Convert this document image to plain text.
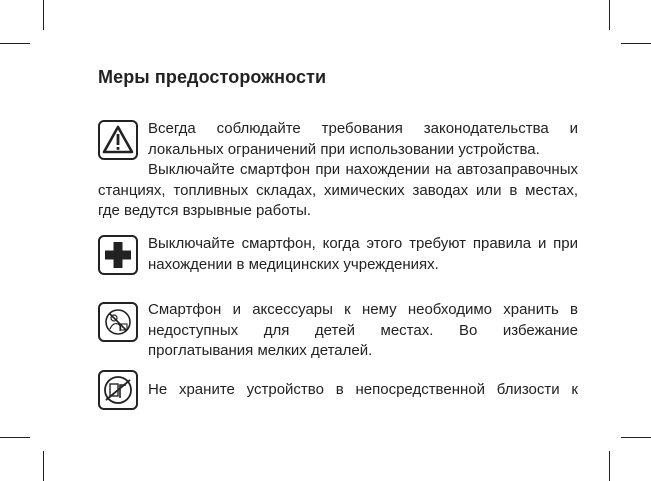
Меры предосторожности

Всегда соблюдайте требования законодательства и локальных ограничений при использовании устройства.

Выключайте смартфон при нахождении на автозаправочных станциях, топливных складах, химических заводах или в местах, где ведутся взрывные работы.

Выключайте смартфон, когда этого требуют правила и при нахождении в медицинских учреждениях.

Смартфон и аксессуары к нему необходимо хранить в недоступных для детей местах. Во избежание проглатывания мелких деталей.

Не храните устройство в непосредственной близости к
